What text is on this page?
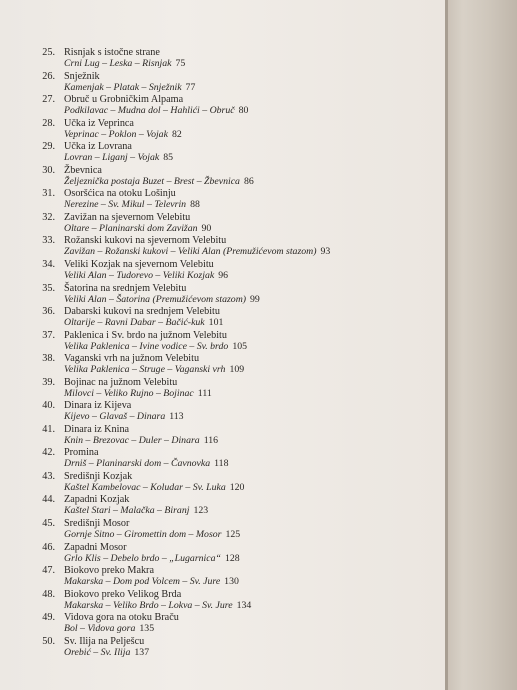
25. Risnjak s istočne strane
Crni Lug – Leska – Risnjak 75
26. Snježnik
Kamenjak – Platak – Snježnik 77
27. Obruč u Grobničkim Alpama
Podkilavac – Mudna dol – Hahlići – Obruč 80
28. Učka iz Veprinca
Veprinac – Poklon – Vojak 82
29. Učka iz Lovrana
Lovran – Liganj – Vojak 85
30. Žbevnica
Željeznička postaja Buzet – Brest – Žbevnica 86
31. Osoršćica na otoku Lošinju
Nerezine – Sv. Mikul – Televrin 88
32. Zavižan na sjevernom Velebitu
Oltare – Planinarski dom Zavižan 90
33. Rožanski kukovi na sjevernom Velebitu
Zavižan – Rožanski kukovi – Veliki Alan (Premužićevom stazom) 93
34. Veliki Kozjak na sjevernom Velebitu
Veliki Alan – Tudorevo – Veliki Kozjak 96
35. Šatorina na srednjem Velebitu
Veliki Alan – Šatorina (Premužićevom stazom) 99
36. Dabarski kukovi na srednjem Velebitu
Oltarije – Ravni Dabar – Bačić-kuk 101
37. Paklenica i Sv. brdo na južnom Velebitu
Velika Paklenica – Ivine vodice – Sv. brdo 105
38. Vaganski vrh na južnom Velebitu
Velika Paklenica – Struge – Vaganski vrh 109
39. Bojinac na južnom Velebitu
Milovci – Veliko Rujno – Bojinac 111
40. Dinara iz Kijeva
Kijevo – Glavaš – Dinara 113
41. Dinara iz Knina
Knin – Brezovac – Duler – Dinara 116
42. Promina
Drniš – Planinarski dom – Čavnovka 118
43. Središnji Kozjak
Kaštel Kambelovac – Koludar – Sv. Luka 120
44. Zapadni Kozjak
Kaštel Stari – Malačka – Biranj 123
45. Središnji Mosor
Gornje Sitno – Giromettin dom – Mosor 125
46. Zapadni Mosor
Grlo Klis – Debelo brdo – „Lugarnica“ 128
47. Biokovo preko Makra
Makarska – Dom pod Volcem – Sv. Jure 130
48. Biokovo preko Velikog Brda
Makarska – Veliko Brdo – Lokva – Sv. Jure 134
49. Vidova gora na otoku Braču
Bol – Vidova gora 135
50. Sv. Ilija na Pelješcu
Orebić – Sv. Ilija 137
